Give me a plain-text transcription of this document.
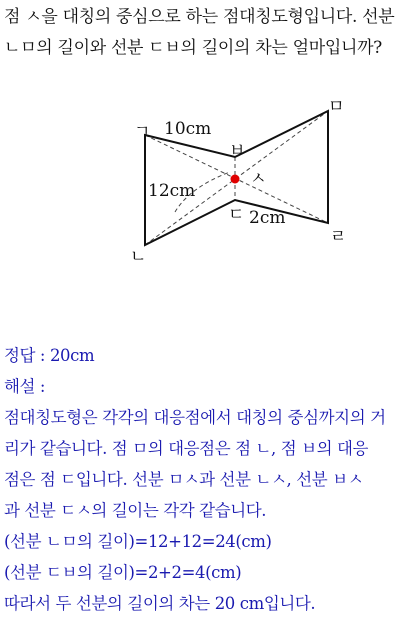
점 ㅅ을 대칭의 중심으로 하는 점대칭도형입니다. 선분 ㄴㅁ의 길이와 선분 ㄷㅂ의 길이의 차는 얼마입니까?

ㄱ
ㄴ
ㅂ
ㄷ
ㅁ
ㄹ
ㅅ
10cm
12cm
2cm

정답 : 20cm

해설 :

점대칭도형은 각각의 대응점에서 대칭의 중심까지의 거

리가 같습니다. 점 ㅁ의 대응점은 점 ㄴ, 점 ㅂ의 대응

점은 점 ㄷ입니다. 선분 ㅁㅅ과 선분 ㄴㅅ, 선분 ㅂㅅ

과 선분 ㄷㅅ의 길이는 각각 같습니다.

(선분 ㄴㅁ의 길이)=12+12=24(cm)

(선분 ㄷㅂ의 길이)=2+2=4(cm)

따라서 두 선분의 길이의 차는 20 cm입니다.
